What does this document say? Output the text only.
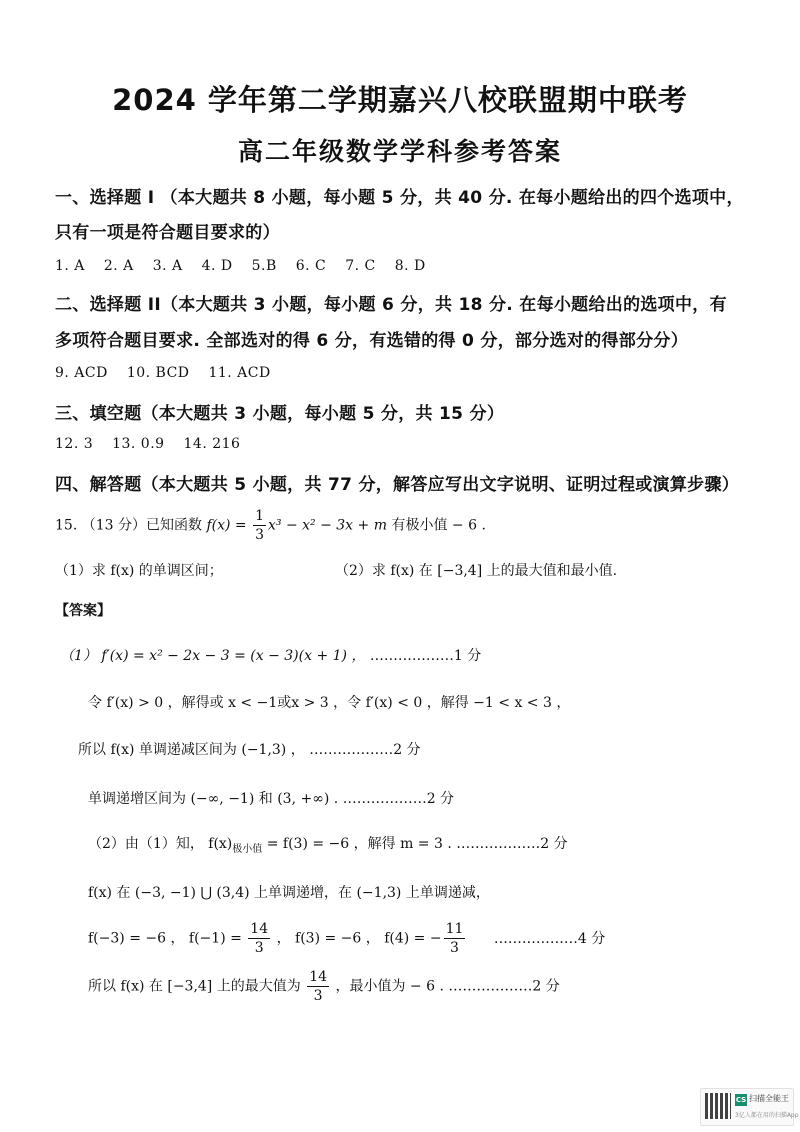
2024 学年第二学期嘉兴八校联盟期中联考
高二年级数学学科参考答案
一、选择题 I （本大题共 8 小题，每小题 5 分，共 40 分. 在每小题给出的四个选项中，
只有一项是符合题目要求的）
1. A 2. A 3. A 4. D 5.B 6. C 7. C 8. D
二、选择题 II（本大题共 3 小题，每小题 6 分，共 18 分. 在每小题给出的选项中，有
多项符合题目要求. 全部选对的得 6 分，有选错的得 0 分，部分选对的得部分分）
9. ACD 10. BCD 11. ACD
三、填空题（本大题共 3 小题，每小题 5 分，共 15 分）
12. 3 13. 0.9 14. 216
四、解答题（本大题共 5 小题，共 77 分，解答应写出文字说明、证明过程或演算步骤）
15. （13 分）已知函数 $f(x) = \frac{1}{3} x^3 - x^2 - 3x + m$ 有极小值 − 6 .
（1）求 f(x) 的单调区间；	（2）求 f(x) 在 [−3,4] 上的最大值和最小值.
【答案】
（1） f′(x) = x² − 2x − 3 = (x − 3)(x + 1) ， ………………1 分
令 f′(x) > 0 ，解得或 x < −1或x > 3 ，令 f′(x) < 0 ，解得 −1 < x < 3 ，
所以 f(x) 单调递减区间为 (−1,3) ， ………………2 分
单调递增区间为 (−∞, −1) 和 (3, +∞) . ………………2 分
（2）由（1）知， $f(x)_{极小值} = f(3) = -6$ ，解得 m = 3 . ………………2 分
f(x) 在 (−3, −1) ⋃ (3,4) 上单调递增，在 (−1,3) 上单调递减，
f(−3) = −6 ， $f(-1) = \frac{14}{3}$ ， f(3) = −6 ， f(4) = − $\frac{11}{3}$ ………………4 分
所以 f(x) 在 [−3,4] 上的最大值为 $\frac{14}{3}$ ，最小值为 − 6 . ………………2 分
CS 扫描全能王
3亿人都在用的扫描App
